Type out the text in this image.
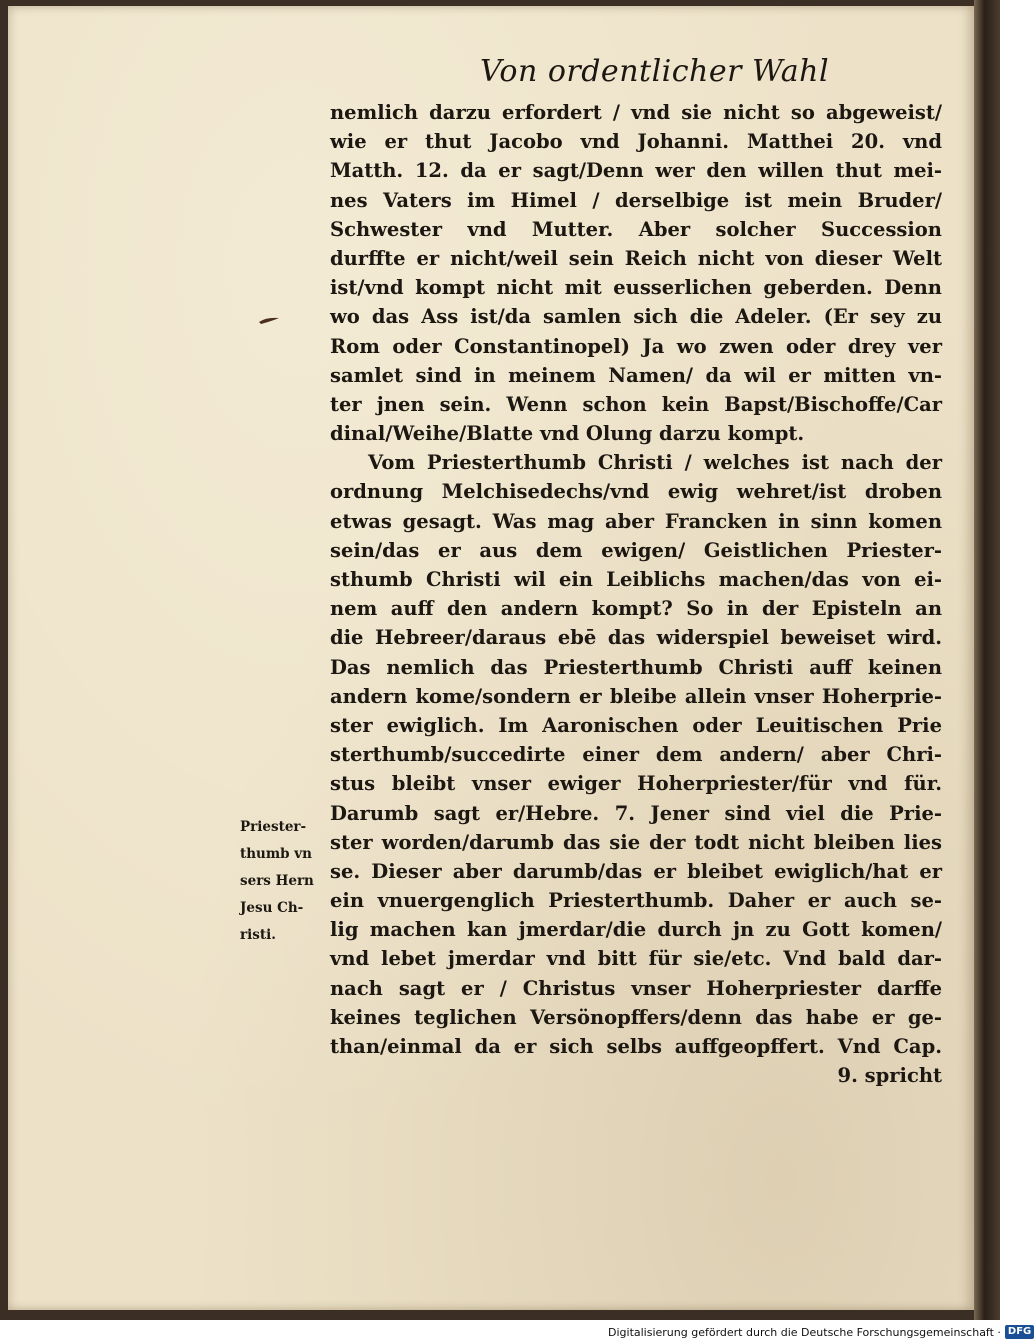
Von ordentlicher Wahl
nemlich darzu erfordert / vnd sie nicht so abgeweist/
wie er thut Jacobo vnd Johanni. Matthei 20. vnd
Matth. 12. da er sagt/Denn wer den willen thut mei-
nes Vaters im Himel / derselbige ist mein Bruder/
Schwester vnd Mutter. Aber solcher Succession
durffte er nicht/weil sein Reich nicht von dieser Welt
ist/vnd kompt nicht mit eusserlichen geberden. Denn
wo das Ass ist/da samlen sich die Adeler. (Er sey zu
Rom oder Constantinopel) Ja wo zwen oder drey ver
samlet sind in meinem Namen/ da wil er mitten vn-
ter jnen sein. Wenn schon kein Bapst/Bischoffe/Car
dinal/Weihe/Blatte vnd Olung darzu kompt.
Vom Priesterthumb Christi / welches ist nach der
ordnung Melchisedechs/vnd ewig wehret/ist droben
etwas gesagt. Was mag aber Francken in sinn komen
sein/das er aus dem ewigen/ Geistlichen Priester-
sthumb Christi wil ein Leiblichs machen/das von ei-
nem auff den andern kompt? So in der Episteln an
die Hebreer/daraus ebē das widerspiel beweiset wird.
Das nemlich das Priesterthumb Christi auff keinen
andern kome/sondern er bleibe allein vnser Hoherprie-
ster ewiglich. Im Aaronischen oder Leuitischen Prie
sterthumb/succedirte einer dem andern/ aber Chri-
stus bleibt vnser ewiger Hoherpriester/für vnd für.
Darumb sagt er/Hebre. 7. Jener sind viel die Prie-
ster worden/darumb das sie der todt nicht bleiben lies
se. Dieser aber darumb/das er bleibet ewiglich/hat er
ein vnuergenglich Priesterthumb. Daher er auch se-
lig machen kan jmerdar/die durch jn zu Gott komen/
vnd lebet jmerdar vnd bitt für sie/etc. Vnd bald dar-
nach sagt er / Christus vnser Hoherpriester darffe
keines teglichen Versönopffers/denn das habe er ge-
than/einmal da er sich selbs auffgeopffert. Vnd Cap.
9. spricht
Priester-
thumb vn
sers Hern
Jesu Ch-
risti.
Digitalisierung gefördert durch die Deutsche Forschungsgemeinschaft · DFG
